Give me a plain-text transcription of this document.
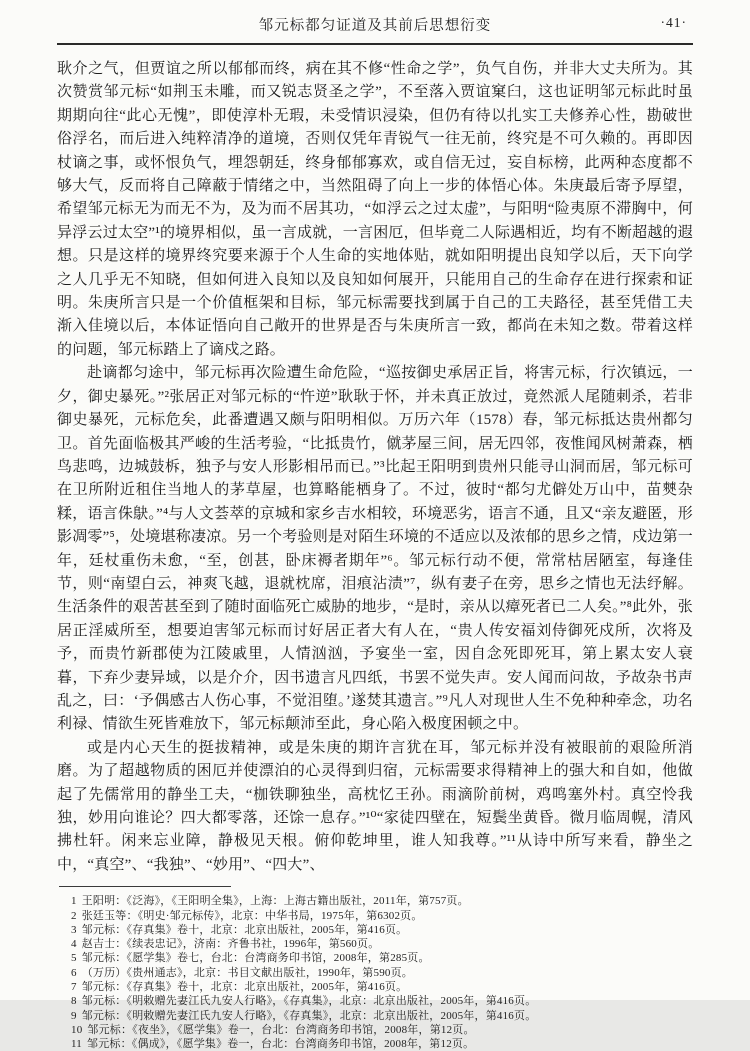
邹元标都匀证道及其前后思想衍变	·41·

耿介之气，但贾谊之所以郁郁而终，病在其不修“性命之学”，负气自伤，并非大丈夫所为。其次赞赏邹元标“如荆玉未雕，而又锐志贤圣之学”，不至落入贾谊窠臼，这也证明邹元标此时虽期期向往“此心无愧”，即使淳朴无瑕，未受情识浸染，但仍有待以扎实工夫修养心性，勘破世俗浮名，而后进入纯粹清净的道境，否则仅凭年青锐气一往无前，终究是不可久赖的。再即因杖谪之事，或怀恨负气，埋怨朝廷，终身郁郁寡欢，或自信无过，妄自标榜，此两种态度都不够大气，反而将自己障蔽于情绪之中，当然阻碍了向上一步的体悟心体。朱庚最后寄予厚望，希望邹元标无为而无不为，及为而不居其功，“如浮云之过太虚”，与阳明“险夷原不滞胸中，何异浮云过太空”¹的境界相似，虽一言成就，一言困厄，但毕竟二人际遇相近，均有不断超越的遐想。只是这样的境界终究要来源于个人生命的实地体贴，就如阳明提出良知学以后，天下向学之人几乎无不知晓，但如何进入良知以及良知如何展开，只能用自己的生命存在进行探索和证明。朱庚所言只是一个价值框架和目标，邹元标需要找到属于自己的工夫路径，甚至凭借工夫渐入佳境以后，本体证悟向自己敞开的世界是否与朱庚所言一致，都尚在未知之数。带着这样的问题，邹元标踏上了谪戍之路。

赴谪都匀途中，邹元标再次险遭生命危险，“巡按御史承居正旨，将害元标，行次镇远，一夕，御史暴死。”²张居正对邹元标的“忤逆”耿耿于怀，并未真正放过，竟然派人尾随刺杀，若非御史暴死，元标危矣，此番遭遇又颇与阳明相似。万历六年（1578）春，邹元标抵达贵州都匀卫。首先面临极其严峻的生活考验，“比抵贵竹，僦茅屋三间，居无四邻，夜惟闻风树萧森，栖鸟悲鸣，边城鼓柝，独予与安人形影相吊而已。”³比起王阳明到贵州只能寻山洞而居，邹元标可在卫所附近租住当地人的茅草屋，也算略能栖身了。不过，彼时“都匀尤僻处万山中，苗僰杂糅，语言侏鴃。”⁴与人文荟萃的京城和家乡吉水相较，环境恶劣，语言不通，且又“亲友避匿，形影凋零”⁵，处境堪称凄凉。另一个考验则是对陌生环境的不适应以及浓郁的思乡之情，戍边第一年，廷杖重伤未愈，“至，创甚，卧床褥者期年”⁶。邹元标行动不便，常常枯居陋室，每逢佳节，则“南望白云，神爽飞越，退就枕席，泪痕沾渍”⁷，纵有妻子在旁，思乡之情也无法纾解。生活条件的艰苦甚至到了随时面临死亡威胁的地步，“是时，亲从以瘴死者已二人矣。”⁸此外，张居正淫威所至，想要迫害邹元标而讨好居正者大有人在，“贵人传安福刘侍御死戍所，次将及予，而贵竹新郡使为江陵戚里，人情汹汹，予宴坐一室，因自念死即死耳，第上累太安人衰暮，下弃少妻异域，以是介介，因书遗言凡四纸，书罢不觉失声。安人闻而问故，予故杂书声乱之，曰：‘予偶感古人伤心事，不觉泪堕。’遂焚其遗言。”⁹凡人对现世人生不免种种牵念，功名利禄、情欲生死皆难放下，邹元标颠沛至此，身心陷入极度困顿之中。

或是内心天生的挺拔精神，或是朱庚的期许言犹在耳，邹元标并没有被眼前的艰险所消磨。为了超越物质的困厄并使漂泊的心灵得到归宿，元标需要求得精神上的强大和自如，他做起了先儒常用的静坐工夫，“枷铁聊独坐，高枕忆王孙。雨滴阶前树，鸡鸣塞外村。真空怜我独，妙用向谁论？四大都零落，还馀一息存。”¹⁰“家徒四壁在，短鬓坐黄昏。微月临周幌，清风拂杜轩。闲来忘业障，静极见天根。俯仰乾坤里，谁人知我尊。”¹¹从诗中所写来看，静坐之中，“真空”、“我独”、“妙用”、“四大”、

1 王阳明：《泛海》，《王阳明全集》，上海：上海古籍出版社，2011年，第757页。
2 张廷玉等：《明史·邹元标传》，北京：中华书局，1975年，第6302页。
3 邹元标：《存真集》卷十，北京：北京出版社，2005年，第416页。
4 赵吉士：《续表忠记》，济南：齐鲁书社，1996年，第560页。
5 邹元标：《愿学集》卷七，台北：台湾商务印书馆，2008年，第285页。
6 （万历）《贵州通志》，北京：书目文献出版社，1990年，第590页。
7 邹元标：《存真集》卷十，北京：北京出版社，2005年，第416页。
8 邹元标：《明敕赠先妻江氏九安人行略》，《存真集》，北京：北京出版社，2005年，第416页。
9 邹元标：《明敕赠先妻江氏九安人行略》，《存真集》，北京：北京出版社，2005年，第416页。
10 邹元标：《夜坐》，《愿学集》卷一，台北：台湾商务印书馆，2008年，第12页。
11 邹元标：《偶成》，《愿学集》卷一，台北：台湾商务印书馆，2008年，第12页。
